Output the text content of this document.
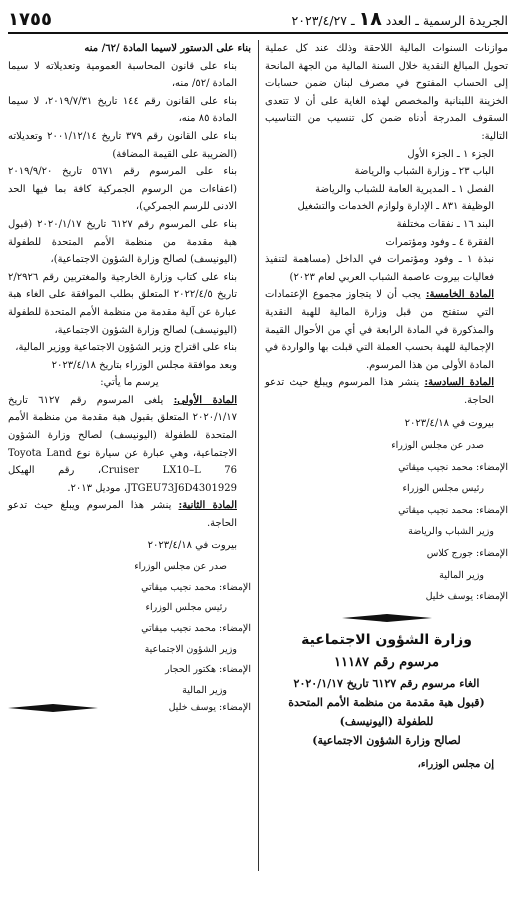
الجريدة الرسمية ـ العدد ١٨ ـ ٢٠٢٣/٤/٢٧
١٧٥٥

موازنات السنوات المالية اللاحقة وذلك عند كل عملية تحويل المبالغ النقدية خلال السنة المالية من الجهة المانحة إلى الحساب المفتوح في مصرف لبنان ضمن حسابات الخزينة اللبنانية والمخصص لهذه الغاية على أن لا تتعدى السقوف المدرجة أدناه ضمن كل تنسيب من التناسيب التالية:

الجزء ١ ـ الجزء الأول

الباب ٢٣ ـ وزارة الشباب والرياضة

الفصل ١ ـ المديرية العامة للشباب والرياضة

الوظيفة ٨٣١ ـ الإدارة ولوازم الخدمات والتشغيل

البند ١٦ ـ نفقات مختلفة

الفقرة ٤ ـ وفود ومؤتمرات

نبذة ١ ـ وفود ومؤتمرات في الداخل (مساهمة لتنفيذ فعاليات بيروت عاصمة الشباب العربي لعام ٢٠٢٣)

المادة الخامسة: يجب أن لا يتجاوز مجموع الإعتمادات التي ستفتح من قبل وزارة المالية للهبة النقدية والمذكورة في المادة الرابعة في أي من الأحوال القيمة الإجمالية للهبة بحسب العملة التي قبلت بها والواردة في المادة الأولى من هذا المرسوم.

المادة السادسة: ينشر هذا المرسوم ويبلغ حيث تدعو الحاجة.

بيروت في ٢٠٢٣/٤/١٨

صدر عن مجلس الوزراء

الإمضاء: محمد نجيب ميقاتي

رئيس مجلس الوزراء

الإمضاء: محمد نجيب ميقاتي

وزير الشباب والرياضة

الإمضاء: جورج كلاس

وزير المالية

الإمضاء: يوسف خليل

وزارة الشؤون الاجتماعية

مرسوم رقم ١١١٨٧

الغاء مرسوم رقم ٦١٢٧ تاريخ ٢٠٢٠/١/١٧

(قبول هبة مقدمة من منظمة الأمم المتحدة

للطفولة (اليونيسف)

لصالح وزارة الشؤون الاجتماعية)

إن مجلس الوزراء،

بناء على الدستور لاسيما المادة /٦٢/ منه

بناء على قانون المحاسبة العمومية وتعديلاته لا سيما المادة /٥٢/ منه،

بناء على القانون رقم ١٤٤ تاريخ ٢٠١٩/٧/٣١، لا سيما المادة ٨٥ منه،

بناء على القانون رقم ٣٧٩ تاريخ ٢٠٠١/١٢/١٤ وتعديلاته (الضريبة على القيمة المضافة)

بناء على المرسوم رقم ٥٦٧١ تاريخ ٢٠١٩/٩/٢٠ (اعفاءات من الرسوم الجمركية كافة بما فيها الحد الادنى للرسم الجمركي)،

بناء على المرسوم رقم ٦١٢٧ تاريخ ٢٠٢٠/١/١٧ (قبول هبة مقدمة من منظمة الأمم المتحدة للطفولة (اليونيسف) لصالح وزارة الشؤون الاجتماعية)،

بناء على كتاب وزارة الخارجية والمغتربين رقم ٢/٢٩٢٦ تاريخ ٢٠٢٢/٤/٥ المتعلق بطلب الموافقة على الغاء هبة عبارة عن آلية مقدمة من منظمة الأمم المتحدة للطفولة (اليونيسف) لصالح وزارة الشؤون الاجتماعية،

بناء على اقتراح وزير الشؤون الاجتماعية ووزير المالية،

وبعد موافقة مجلس الوزراء بتاريخ ٢٠٢٣/٤/١٨

يرسم ما يأتي:

المادة الأولى: يلغى المرسوم رقم ٦١٢٧ تاريخ ٢٠٢٠/١/١٧ المتعلق بقبول هبة مقدمة من منظمة الأمم المتحدة للطفولة (اليونيسف) لصالح وزارة الشؤون الاجتماعية، وهي عبارة عن سيارة نوع Toyota Land Cruiser LX10–L 76، رقم الهيكل JTGEU73J6D4301929، موديل ٢٠١٣.

المادة الثانية: ينشر هذا المرسوم ويبلغ حيث تدعو الحاجة.

بيروت في ٢٠٢٣/٤/١٨

صدر عن مجلس الوزراء

الإمضاء: محمد نجيب ميقاتي

رئيس مجلس الوزراء

الإمضاء: محمد نجيب ميقاتي

وزير الشؤون الاجتماعية

الإمضاء: هكتور الحجار

وزير المالية

الإمضاء: يوسف خليل
